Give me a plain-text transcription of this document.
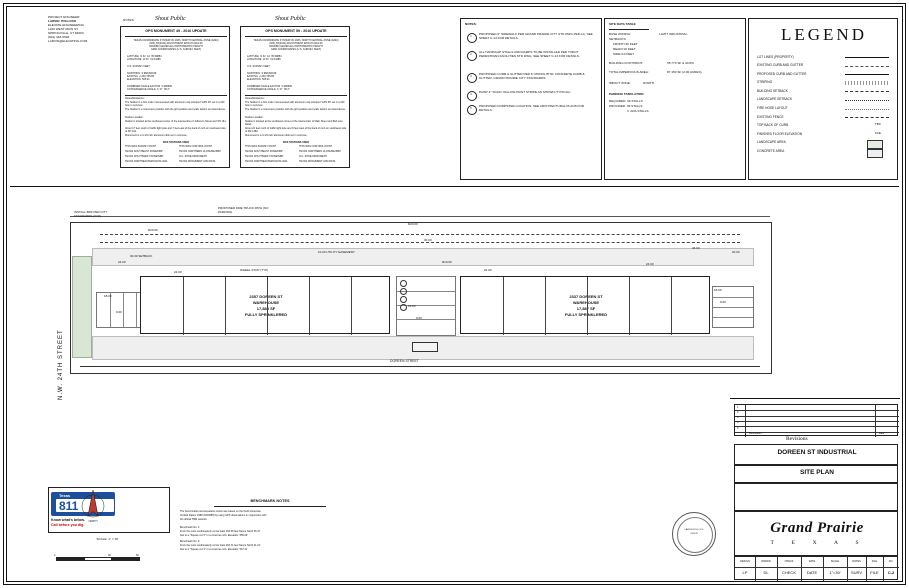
PROJECT ENGINEER:
LARVIN  POLLOCK
ELEVATE ENGINEERING
1220 WEST MAIN ST.
SPRINGVILLE, UT 84663
(801) 318-5993
LARVIN@ELEVATING.COM
NOTES	Shout Public
GPS MONUMENT 49 - 2016 UPDATE
TEXAS COORDINATE SYSTEM OF 1983, NORTH CENTRAL ZONE (4202)
NAD_83(2011) ADJUSTMENT EPOCH 2010.00
NAVD88 (GEOID12A) ORTHOMETRIC HEIGHT
GRID COORDINATES (U.S. SURVEY FEET)
LATITUDE  N 32  44  35.59884
LONGITUDE  W 97  01.54485
U.S. SURVEY FEET
NORTHING  6,968,848.89
EASTING  2,430,765.85
ELEVATION  565.21
COMBINED SCALE FACTOR  0.999980
CONVERGENCE ANGLE  0  07  05.3"
Notes/Disclaimer:
The Station is a first order monumented with aluminum cap stamped 'GPS 49' set in a drill hole in concrete.
The Station is a monument position with the grid position and scale factors as noted above.
Station Location:
Station is located at the southeast corner of the intersection of Jefferson Street and SH 161.
About 17 feet south of traffic light pole and 7 feet east of the back of curb on southeast side of SH 161.
Monument is a 3-1/4 inch aluminum disk set in concrete.
BOX STATIONS USED
THIS WAS SURVEY POINT	THIS WAS CONTROL POINT
TEXAS SOUTHEAST ZONE/NBP	TEXAS NORTHERN CLOSURE BMP
TEXAS SOUTHWEST ZONE/NBP	N.C. ZONE MONUMENT
TEXAS NORTHEASTERN DATA 2011	TEXAS MONUMENT AND DATA
Shout Public
GPS MONUMENT 59 - 2016 UPDATE
TEXAS COORDINATE SYSTEM OF 1983, NORTH CENTRAL ZONE (4202)
NAD_83(2011) ADJUSTMENT EPOCH 2010.00
NAVD88 (GEOID12A) ORTHOMETRIC HEIGHT
GRID COORDINATES (U.S. SURVEY FEET)
LATITUDE  N 32  44  35.59884
LONGITUDE  W 97  01.54485
U.S. SURVEY FEET
NORTHING  6,968,848.89
EASTING  2,430,765.85
ELEVATION  565.21
COMBINED SCALE FACTOR  0.999980
CONVERGENCE ANGLE  0  07  05.3"
Notes/Disclaimer:
The Station is a first order monumented with aluminum cap stamped 'GPS 59' set in a drill hole in concrete.
The Station is a monument position with the grid position and scale factors as noted above.
Station Location:
Station is located at the southwest corner of the intersection of Main Street and Belt Line Road.
About 22 feet north of traffic light pole and 9 feet west of the back of curb on southwest side of FM 1382.
Monument is a 3-1/4 inch aluminum disk set in concrete.
BOX STATIONS USED
THIS WAS SURVEY POINT	THIS WAS CONTROL POINT
TEXAS SOUTHEAST ZONE/NBP	TEXAS NORTHERN CLOSURE BMP
TEXAS SOUTHWEST ZONE/NBP	N.C. ZONE MONUMENT
TEXAS NORTHEASTERN DATA 2011	TEXAS MONUMENT AND DATA
NOTES:
1
PROPOSED 6" SIDEWALK PER GRAND PRAIRIE CITY STD DWG PED-1A, SEE SHEET C-14 FOR DETAILS.
2
ALL HANDICAP STALLS AND RAMPS TO BE INSTALLED PER TXDOT PEDESTRIAN FACILITIES STD DWG, SEE SHEET C-13 FOR DETAILS.
3
PROPOSED CURB & GUTTER PER 6" MONOLITHIC CONCRETE CURB & GUTTER, GRAND PRAIRIE CITY STANDARDS.
4
PAINT 4" SOLID YELLOW PAINT STRIPE AS SHOWN (TYPICAL)
5
PROPOSED DUMPSTER LOCATION, SEE ARCHITECTURAL PLANS FOR DETAILS.
SITE DATA TABLE
BASE ZONING:	LIGHT INDUSTRIAL
SETBACKS:
FRONT=30 FEET
REAR=10 FEET
SIDE=10 FEET
BUILDING FOOTPRINT:	35,773 SF & 40.8%
TOTAL IMPERVIOUS AREA:	87,150 SF (2.00 ACRES)
IMPACT ZONE:	NORTH
PARKING TABULATION
REQUIRED: 36 STALLS
PROVIDED: 36 STALLS
3  ADA STALLS
LEGEND
LOT LINES (PROPERTY)
EXISTING CURB AND GUTTER
PROPOSED CURB AND GUTTER
STRIPING
BUILDING SETBACK
LANDSCAPE SETBACK
FIRE HOSE LAYOUT
EXISTING FENCE
TOP BACK OF CURB	TBC
FINISHED FLOOR ELEVATION	FFE
LANDSCAPE AREA
CONCRETE AREA
2357 DOREEN ST
WAREHOUSE
17,885 SF
FULLY SPRINKLERED
2337 DOREEN ST
WAREHOUSE
17,887 SF
FULLY SPRINKLERED
DOREEN STREET
INSTALL BRF PER CITY STANDARDS (TYP)
PROPOSED FIRE TRUCK PATH (NO PARKING)
R20.00
R20.00
30.00 SETBACK
10.00 UTILITY EASEMENT
WHEEL STOP (TYP)
24.00
24.00
18.00
9.00
18.00
9.00
24.00
24.00
36.00
30.00
R10.00
20.00
18.00
9.00
N.W. 24TH STREET
811
Texas
Know what's below.
Call before you dig.
NORTH
BENCHMARK NOTES
The benchmarks and elevations shown are based on the North American
Vertical Datum 1988 (NAVD88) by using GPS observations in conjunction with
the official TBM network.
Benchmark No. 1:
From the most southeasterly corner East 194.08 feet Nance North 36.47
feet to a "Square cut X" in a concrete curb. Elevation: 556.69'
Benchmark No. 2:
From the most southeasterly corner East 202.71 feet Nance North 41.01'
feet to a "Square cut X" in a concrete curb. Elevation: 547.11'
SCALE: 1" = 30'
0	30	60
LARVIN POLLOCK
120243
1
2
3
4
5
Description	Date
Revisions
DOREEN ST INDUSTRIAL
SITE PLAN
Grand Prairie
T  E  X  A  S
DESIGN	DRAWN	CHECK	DATE	SCALE	NOTES	FILE	NO.
LP	DL	CHECK	DATE	1"=30'	SURV	FILE	C-2
